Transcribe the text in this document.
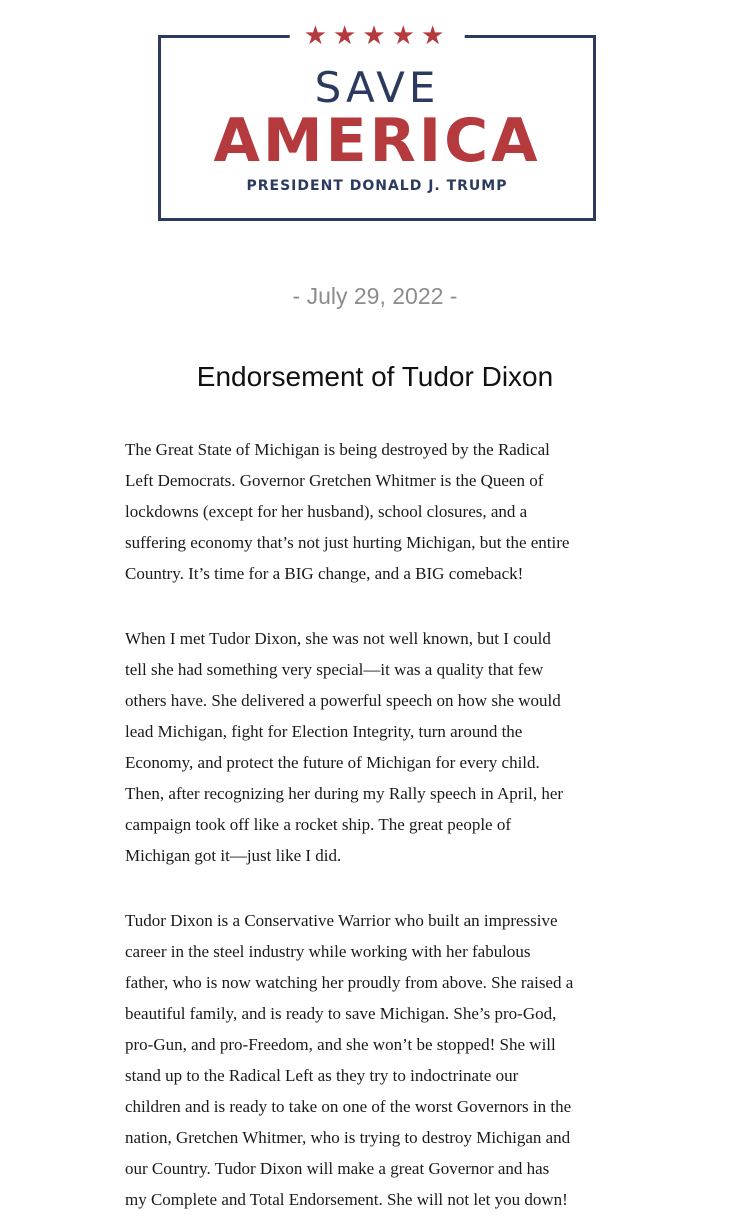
★★★★★
SAVE
AMERICA
PRESIDENT DONALD J. TRUMP
- July 29, 2022 -
Endorsement of Tudor Dixon
The Great State of Michigan is being destroyed by the Radical
Left Democrats. Governor Gretchen Whitmer is the Queen of
lockdowns (except for her husband), school closures, and a
suffering economy that’s not just hurting Michigan, but the entire
Country. It’s time for a BIG change, and a BIG comeback!
When I met Tudor Dixon, she was not well known, but I could
tell she had something very special—it was a quality that few
others have. She delivered a powerful speech on how she would
lead Michigan, fight for Election Integrity, turn around the
Economy, and protect the future of Michigan for every child.
Then, after recognizing her during my Rally speech in April, her
campaign took off like a rocket ship. The great people of
Michigan got it—just like I did.
Tudor Dixon is a Conservative Warrior who built an impressive
career in the steel industry while working with her fabulous
father, who is now watching her proudly from above. She raised a
beautiful family, and is ready to save Michigan. She’s pro-God,
pro-Gun, and pro-Freedom, and she won’t be stopped! She will
stand up to the Radical Left as they try to indoctrinate our
children and is ready to take on one of the worst Governors in the
nation, Gretchen Whitmer, who is trying to destroy Michigan and
our Country. Tudor Dixon will make a great Governor and has
my Complete and Total Endorsement. She will not let you down!
